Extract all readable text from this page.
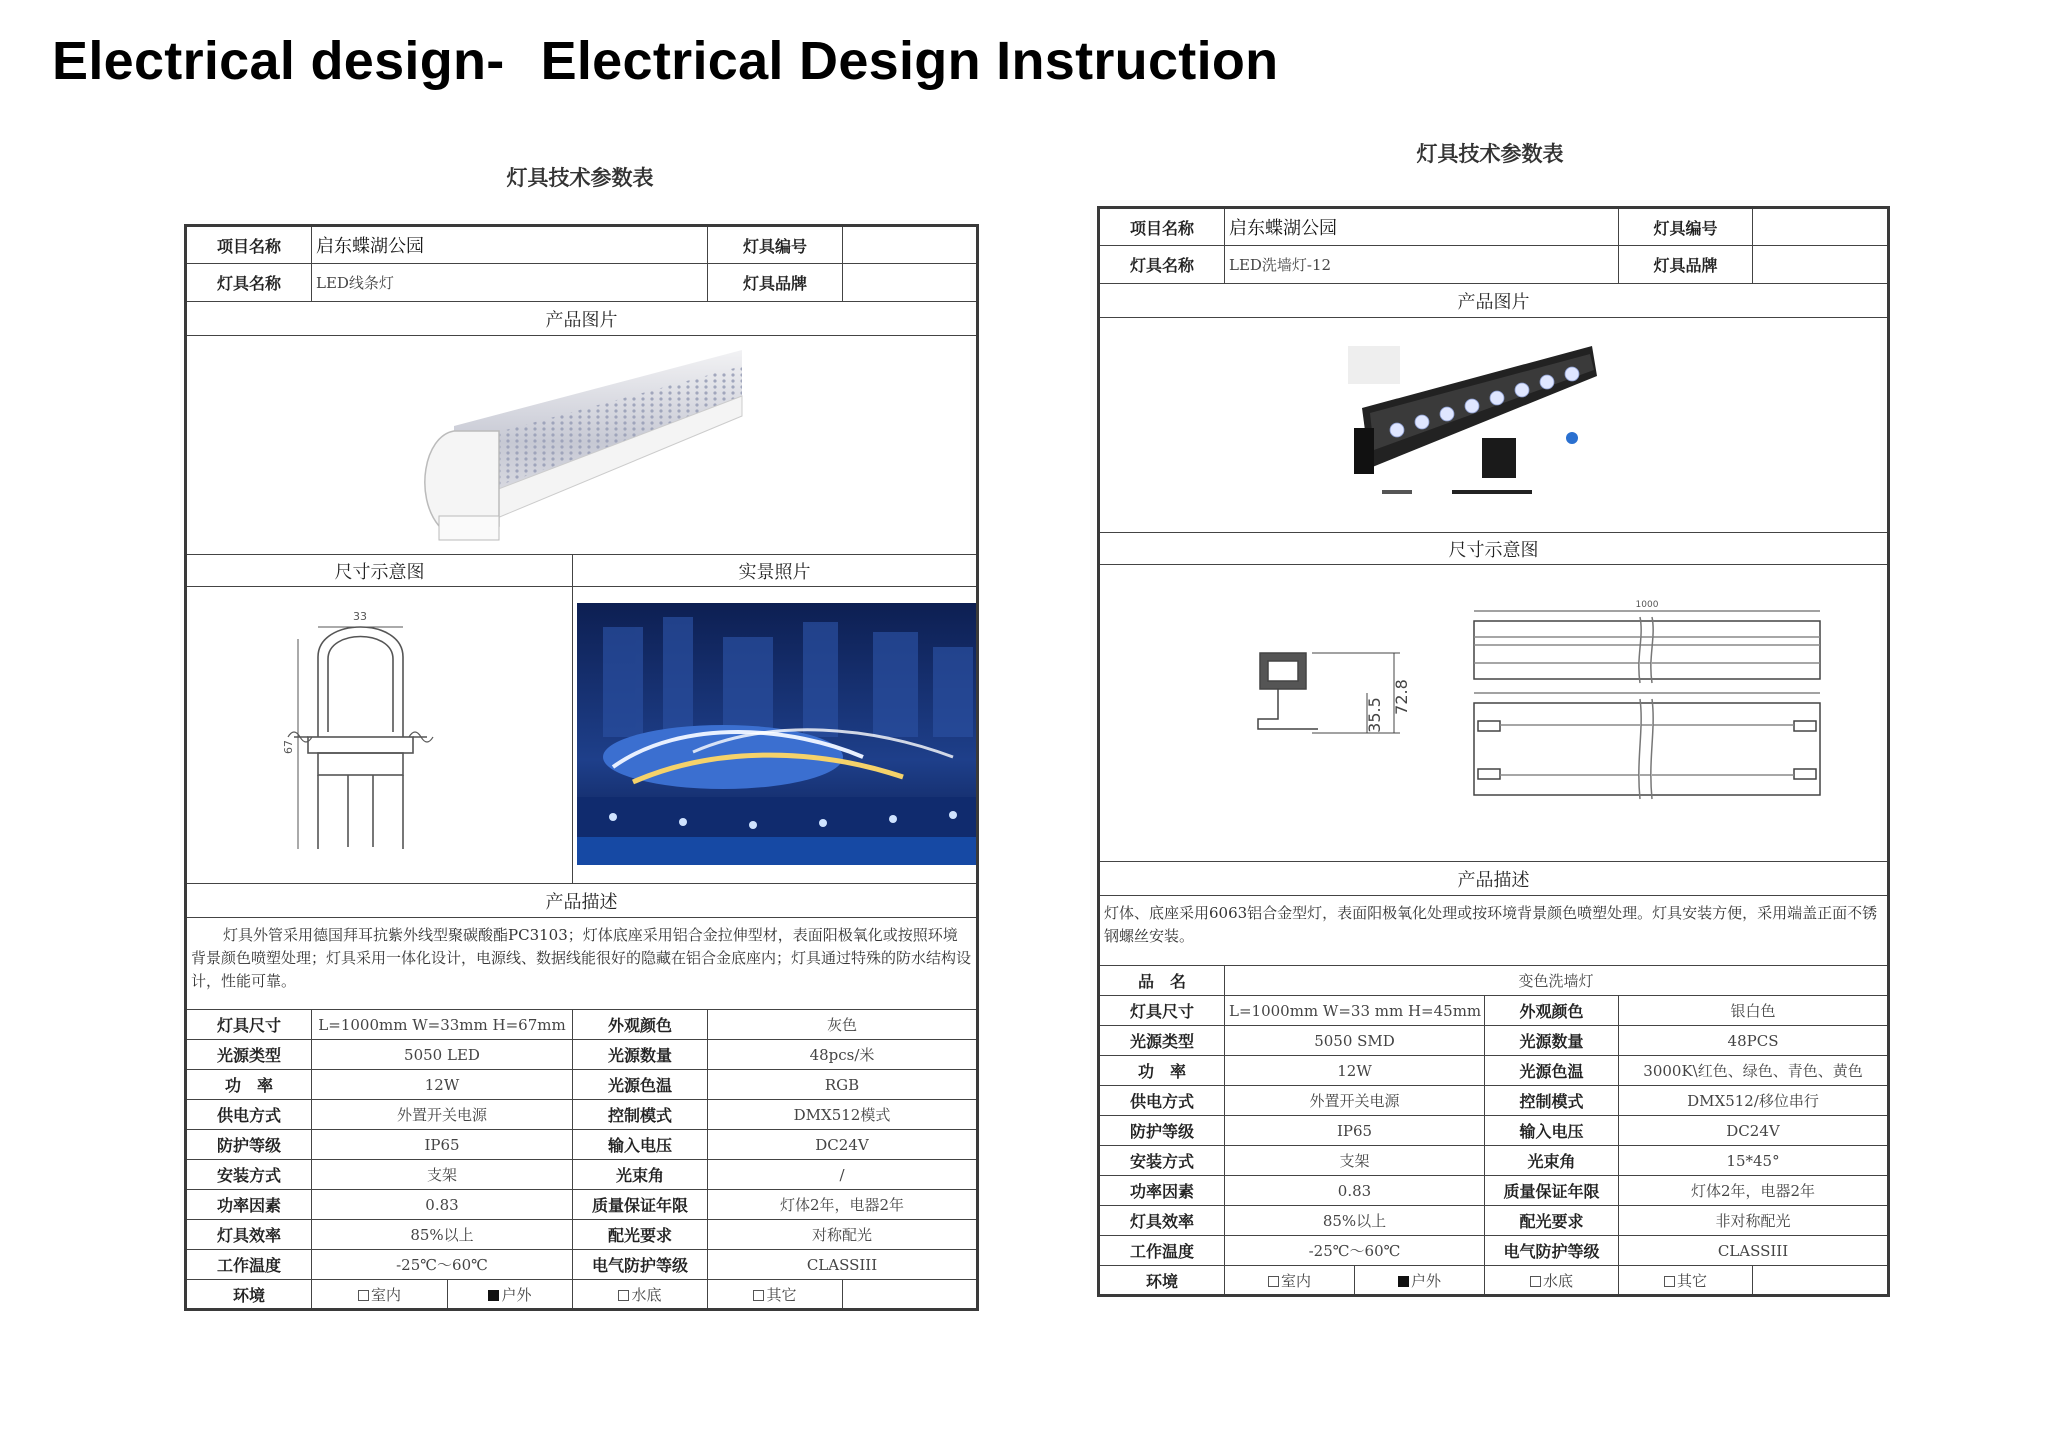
Electrical design- Electrical Design Instruction
灯具技术参数表
项目名称	启东蝶湖公园			灯具编号	
灯具名称	LED线条灯			灯具品牌	
产品图片					

尺寸示意图			实景照片		

33
67

产品描述					
灯具外管采用德国拜耳抗紫外线型聚碳酸酯PC3103；灯体底座采用铝合金拉伸型材，表面阳极氧化或按照环境背景颜色喷塑处理；灯具采用一体化设计，电源线、数据线能很好的隐藏在铝合金底座内；灯具通过特殊的防水结构设计，性能可靠。					
灯具尺寸	L=1000mm W=33mm H=67mm		外观颜色	灰色	
光源类型	5050 LED		光源数量	48pcs/米	
功　率	12W		光源色温	RGB	
供电方式	外置开关电源		控制模式	DMX512模式	
防护等级	IP65		输入电压	DC24V	
安装方式	支架		光束角	/	
功率因素	0.83		质量保证年限	灯体2年，电器2年	
灯具效率	85%以上		配光要求	对称配光	
工作温度	-25℃～60℃		电气防护等级	CLASSIII	
环境	室内	户外	水底	其它	
灯具技术参数表
项目名称	启东蝶湖公园			灯具编号	
灯具名称	LED洗墙灯-12			灯具品牌	
产品图片					

尺寸示意图					

72.8
35.5
1000					

产品描述					
灯体、底座采用6063铝合金型灯，表面阳极氧化处理或按环境背景颜色喷塑处理。灯具安装方便，采用端盖正面不锈钢螺丝安装。					
品　名	变色洗墙灯				
灯具尺寸	L=1000mm W=33 mm H=45mm		外观颜色	银白色	
光源类型	5050 SMD		光源数量	48PCS	
功　率	12W		光源色温	3000K\红色、绿色、青色、黄色	
供电方式	外置开关电源		控制模式	DMX512/移位串行	
防护等级	IP65		输入电压	DC24V	
安装方式	支架		光束角	15*45°	
功率因素	0.83		质量保证年限	灯体2年，电器2年	
灯具效率	85%以上		配光要求	非对称配光	
工作温度	-25℃～60℃		电气防护等级	CLASSIII	
环境	室内	户外	水底	其它	
